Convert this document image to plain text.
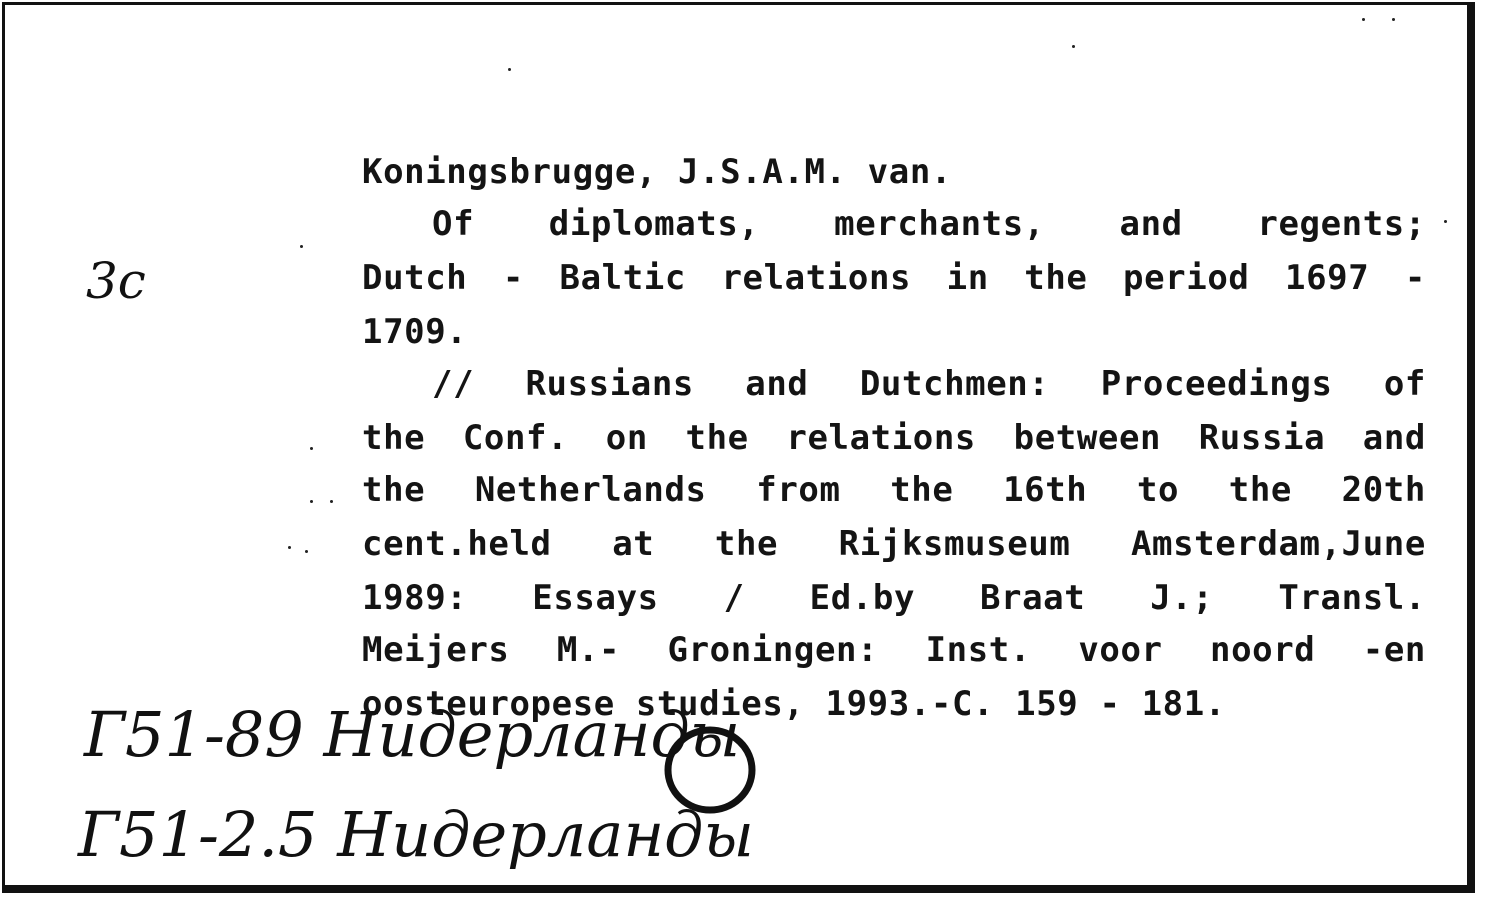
Koningsbrugge, J.S.A.M. van.

Of diplomats, merchants, and regents;

Dutch - Baltic relations in the period 1697 -

1709.

// Russians and Dutchmen: Proceedings of

the Conf. on the relations between Russia and

the Netherlands from the 16th to the 20th

cent.held at the Rijksmuseum Amsterdam,June

1989: Essays / Ed.by Braat J.; Transl.

Meijers M.- Groningen: Inst. voor noord -en

oosteuropese studies, 1993.-C. 159 - 181.

3c
Г51-89 Нидерланды
Г51-2.5 Нидерланды
